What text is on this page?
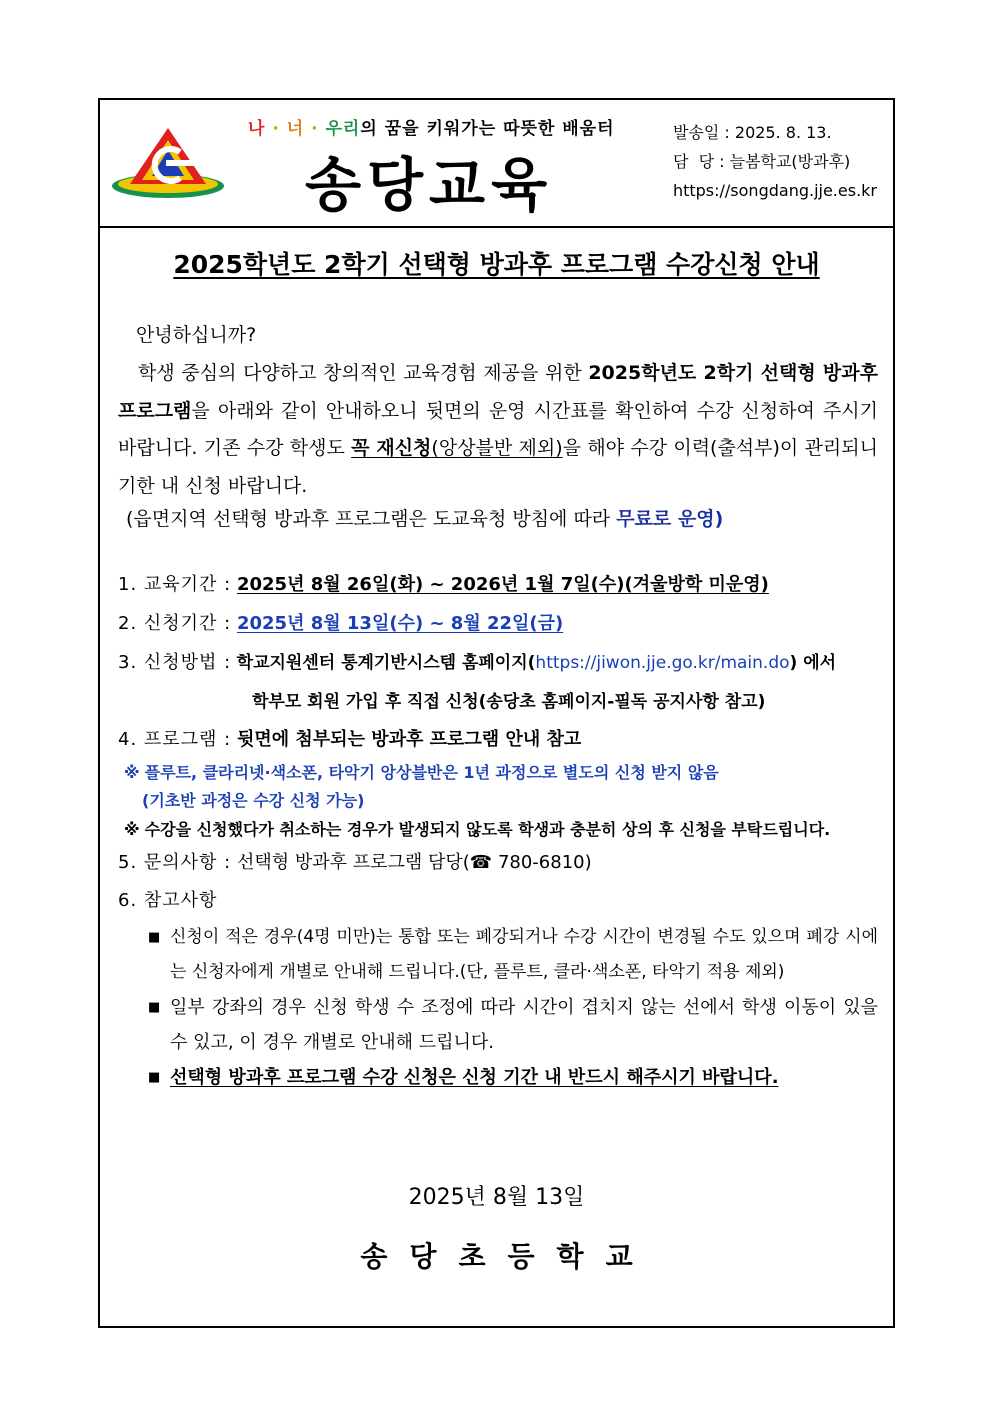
나 · 너 · 우리의 꿈을 키워가는 따뜻한 배움터
송당교육
발송일 : 2025. 8. 13.
담  당 : 늘봄학교(방과후)
https://songdang.jje.es.kr
2025학년도 2학기 선택형 방과후 프로그램 수강신청 안내
안녕하십니까?
학생 중심의 다양하고 창의적인 교육경험 제공을 위한 2025학년도 2학기 선택형 방과후 프로그램을 아래와 같이 안내하오니 뒷면의 운영 시간표를 확인하여 수강 신청하여 주시기 바랍니다. 기존 수강 학생도 꼭 재신청(앙상블반 제외)을 해야 수강 이력(출석부)이 관리되니 기한 내 신청 바랍니다.
(읍면지역 선택형 방과후 프로그램은 도교육청 방침에 따라 무료로 운영)
1. 교육기간 : 2025년 8월 26일(화) ~ 2026년 1월 7일(수)(겨울방학 미운영)
2. 신청기간 : 2025년 8월 13일(수) ~ 8월 22일(금)
3. 신청방법 : 학교지원센터 통계기반시스템 홈페이지(https://jiwon.jje.go.kr/main.do) 에서
학부모 회원 가입 후 직접 신청(송당초 홈페이지-필독 공지사항 참고)
4. 프로그램 : 뒷면에 첨부되는 방과후 프로그램 안내 참고
※ 플루트, 클라리넷·색소폰, 타악기 앙상블반은 1년 과정으로 별도의 신청 받지 않음
(기초반 과정은 수강 신청 가능)
※ 수강을 신청했다가 취소하는 경우가 발생되지 않도록 학생과 충분히 상의 후 신청을 부탁드립니다.
5. 문의사항 : 선택형 방과후 프로그램 담당(☎ 780-6810)
6. 참고사항
■ 신청이 적은 경우(4명 미만)는 통합 또는 폐강되거나 수강 시간이 변경될 수도 있으며 폐강 시에는 신청자에게 개별로 안내해 드립니다.(단, 플루트, 클라·색소폰, 타악기 적용 제외)
■ 일부 강좌의 경우 신청 학생 수 조정에 따라 시간이 겹치지 않는 선에서 학생 이동이 있을 수 있고, 이 경우 개별로 안내해 드립니다.
■ 선택형 방과후 프로그램 수강 신청은 신청 기간 내 반드시 해주시기 바랍니다.
2025년 8월 13일
송당초등학교
